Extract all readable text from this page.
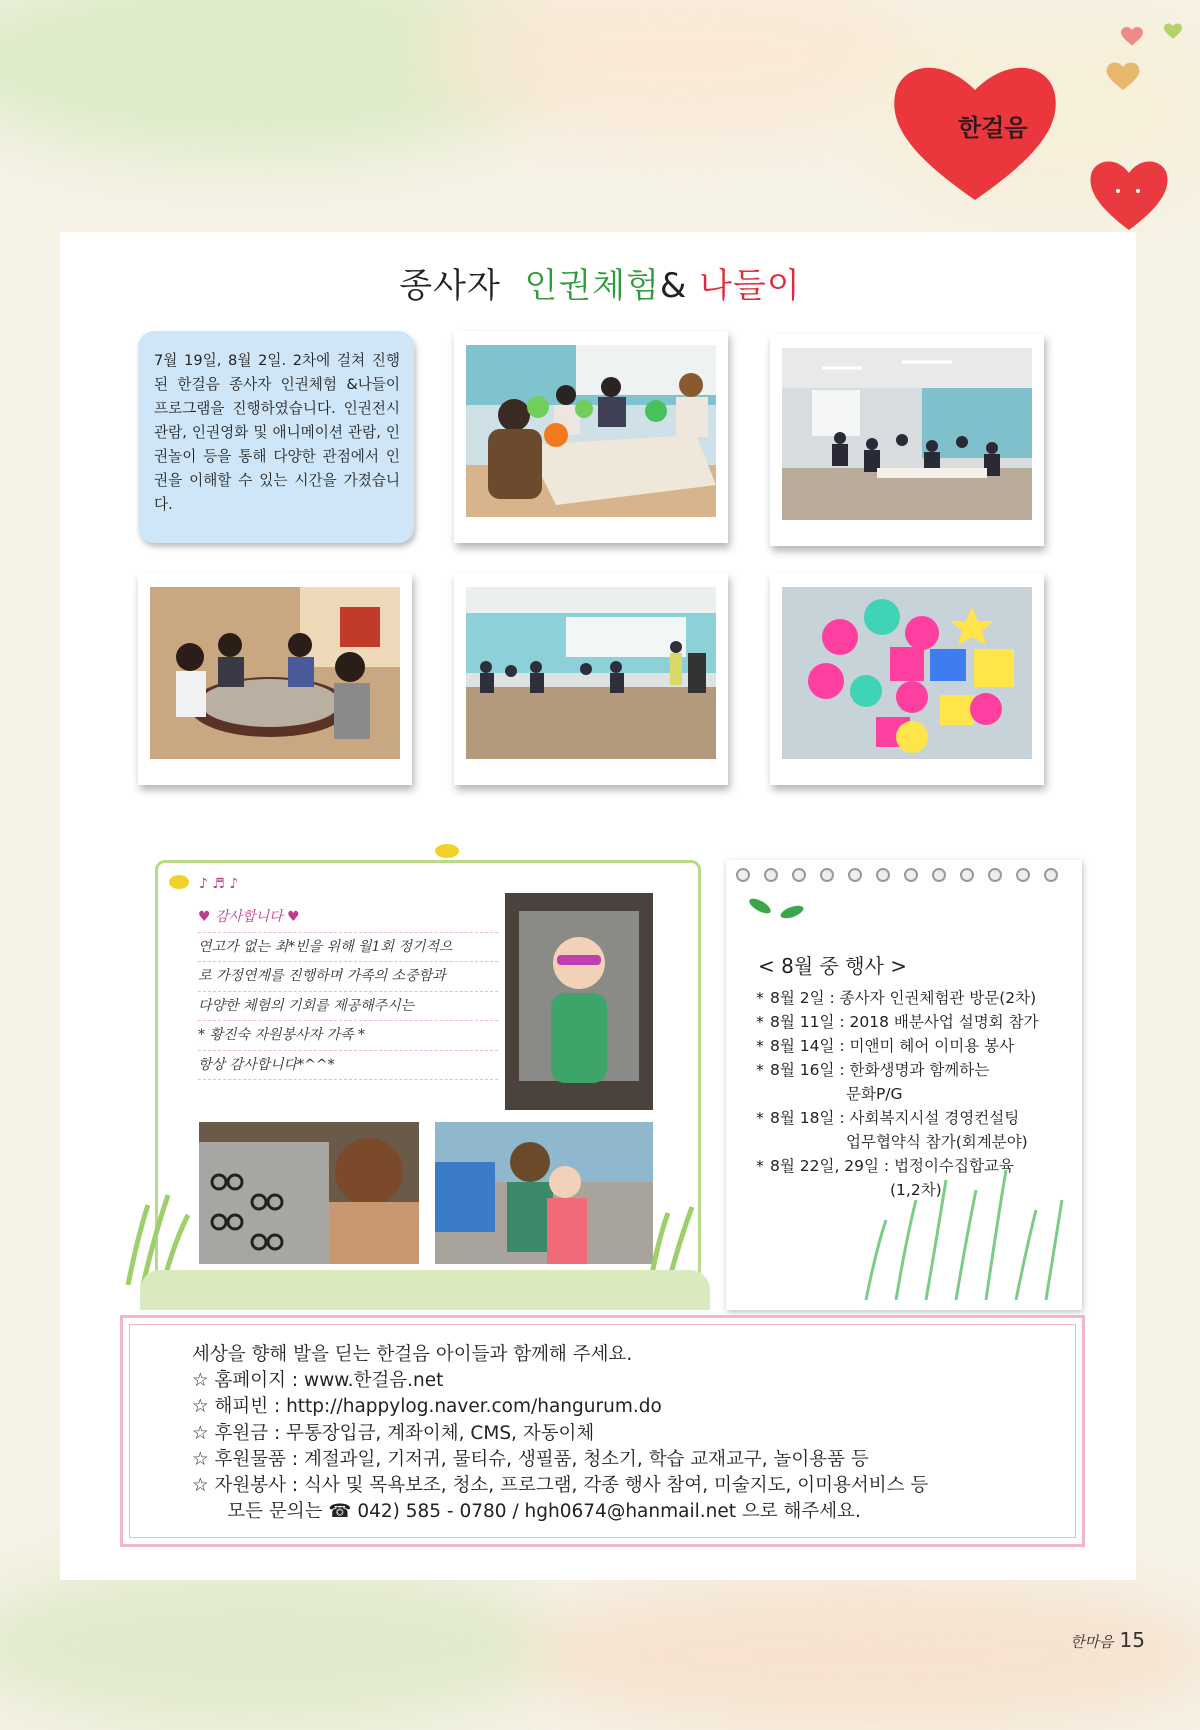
한걸음
종사자 인권체험& 나들이
7월 19일, 8월 2일. 2차에 걸쳐 진행된 한걸음 종사자 인권체험 &나들이 프로그램을 진행하였습니다. 인권전시관람, 인권영화 및 애니메이션 관람, 인권놀이 등을 통해 다양한 관점에서 인권을 이해할 수 있는 시간을 가졌습니다.
♪ ♬ ♪
♥ 감사합니다 ♥
연고가 없는 최*빈을 위해 월1회 정기적으
로 가정연계를 진행하며 가족의 소중함과
다양한 체험의 기회를 제공해주시는
* 황진숙 자원봉사자 가족 *
항상 감사합니다*^^*
< 8월 중 행사 >
* 8월 2일 : 종사자 인권체험관 방문(2차)
* 8월 11일 : 2018 배분사업 설명회 참가
* 8월 14일 : 미앤미 헤어 이미용 봉사
* 8월 16일 : 한화생명과 함께하는
문화P/G
* 8월 18일 : 사회복지시설 경영컨설팅
업무협약식 참가(회계분야)
* 8월 22일, 29일 : 법정이수집합교육
(1,2차)
세상을 향해 발을 딛는 한걸음 아이들과 함께해 주세요.
☆ 홈페이지 : www.한걸음.net
☆ 해피빈 : http://happylog.naver.com/hangurum.do
☆ 후원금 : 무통장입금, 계좌이체, CMS, 자동이체
☆ 후원물품 : 계절과일, 기저귀, 물티슈, 생필품, 청소기, 학습 교재교구, 놀이용품 등
☆ 자원봉사 : 식사 및 목욕보조, 청소, 프로그램, 각종 행사 참여, 미술지도, 이미용서비스 등
모든 문의는 ☎ 042) 585 - 0780 / hgh0674@hanmail.net 으로 해주세요.
한마음 15
